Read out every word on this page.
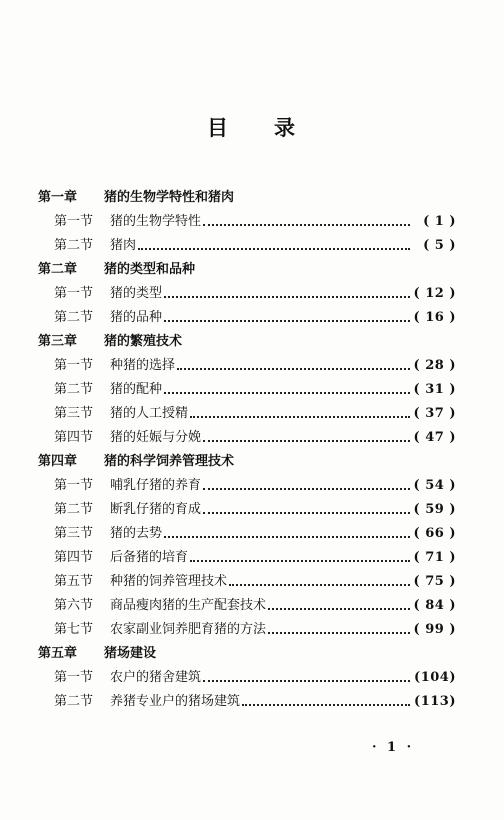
目 录
第一章 猪的生物学特性和猪肉
第一节	猪的生物学特性	( 1 )
第二节	猪肉	( 5 )
第二章 猪的类型和品种
第一节	猪的类型	( 12 )
第二节	猪的品种	( 16 )
第三章 猪的繁殖技术
第一节	种猪的选择	( 28 )
第二节	猪的配种	( 31 )
第三节	猪的人工授精	( 37 )
第四节	猪的妊娠与分娩	( 47 )
第四章 猪的科学饲养管理技术
第一节	哺乳仔猪的养育	( 54 )
第二节	断乳仔猪的育成	( 59 )
第三节	猪的去势	( 66 )
第四节	后备猪的培育	( 71 )
第五节	种猪的饲养管理技术	( 75 )
第六节	商品瘦肉猪的生产配套技术	( 84 )
第七节	农家副业饲养肥育猪的方法	( 99 )
第五章 猪场建设
第一节	农户的猪舍建筑	(104)
第二节	养猪专业户的猪场建筑	(113)
· 1 ·
